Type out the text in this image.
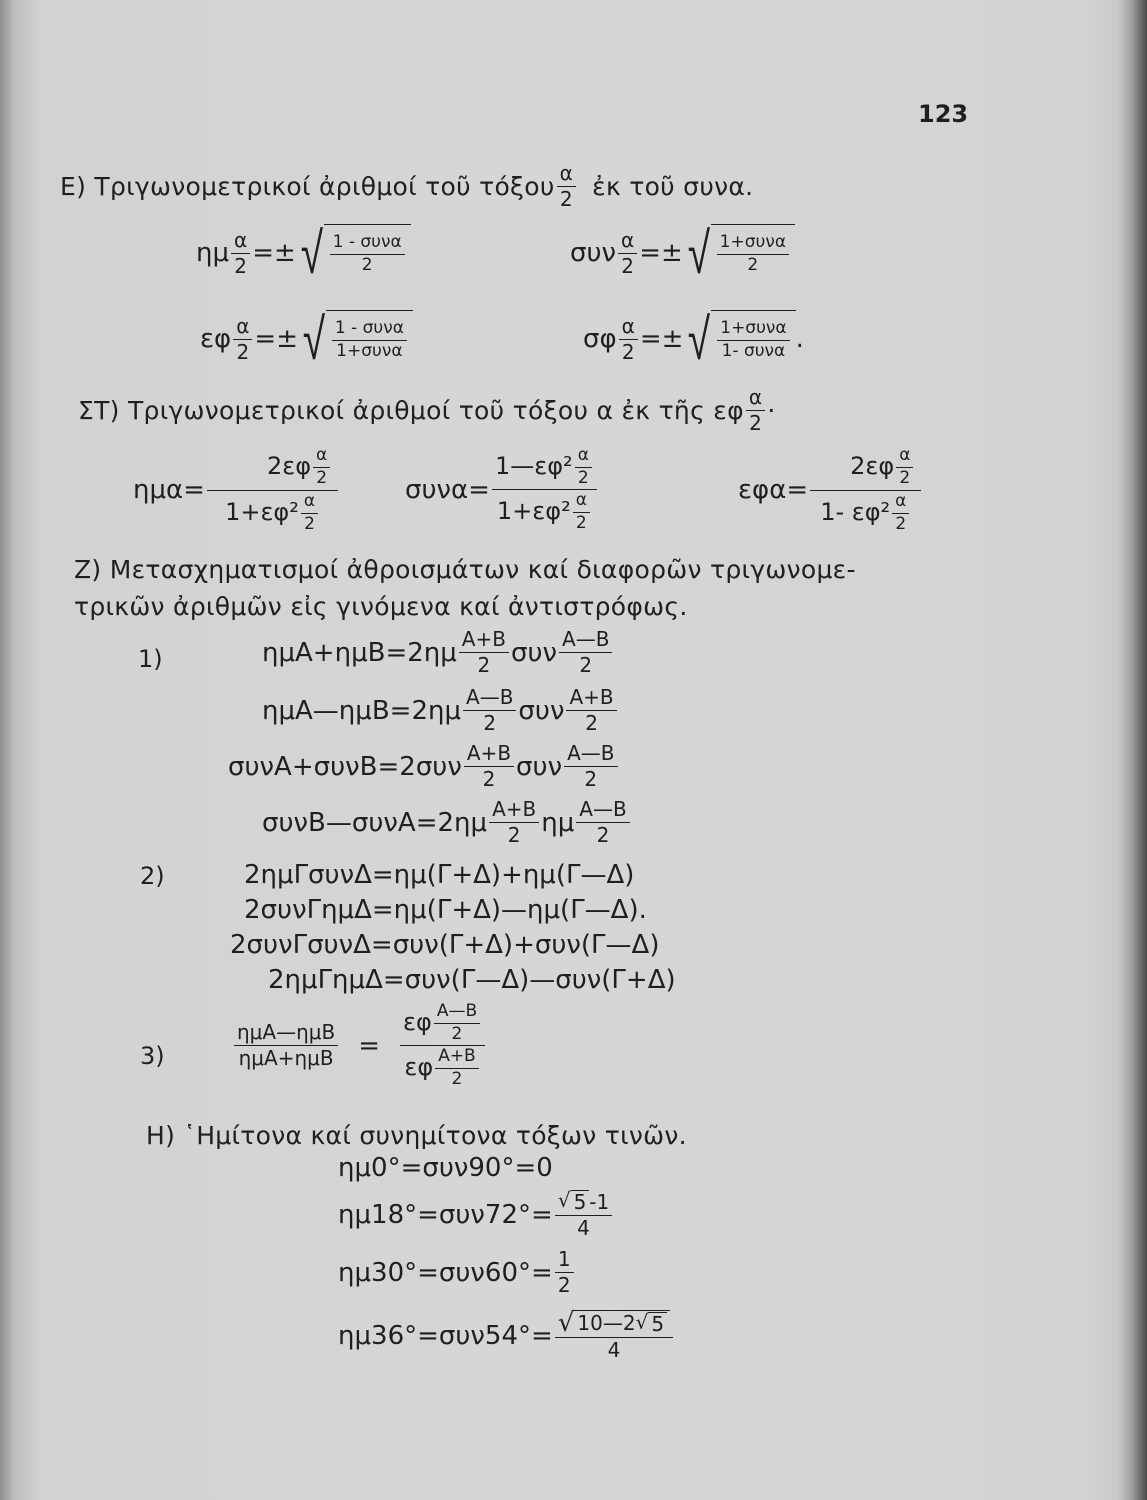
123
Ε) Τριγωνομετρικοί ἀριθμοί τοῦ τόξου $\frac{\alpha}{2}$ ἐκ τοῦ συνα.
ημ $\frac{\alpha}{2}$ =± √ $\frac{\text{1 - συνα}}{2}$	συν $\frac{\alpha}{2}$ =± √ $\frac{\text{1+συνα}}{2}$
εφ $\frac{\alpha}{2}$ =± √ $\frac{\text{1 - συνα}}{\text{1+συνα}}$	σφ $\frac{\alpha}{2}$ =± √ $\frac{\text{1+συνα}}{\text{1- συνα}}$ .
ΣΤ) Τριγωνομετρικοί ἀριθμοί τοῦ τόξου α ἐκ τῆς εφ $\frac{\alpha}{2}$ ·
$\eta\mu\alpha= \frac{2\varepsilon\varphi \frac{\alpha}{2}}{1+\varepsilon\varphi^2 \frac{\alpha}{2}}$	$\sigma\upsilon\nu\alpha= \frac{1—\varepsilon\varphi^2 \frac{\alpha}{2}}{1+\varepsilon\varphi^2 \frac{\alpha}{2}}$	$\varepsilon\varphi\alpha= \frac{2\varepsilon\varphi \frac{\alpha}{2}}{1- \varepsilon\varphi^2 \frac{\alpha}{2}}$
Ζ) Μετασχηματισμοί ἀθροισμάτων καί διαφορῶν τριγωνομε-
τρικῶν ἀριθμῶν εἰς γινόμενα καί ἀντιστρόφως.
1)	$\eta\mu A+\eta\mu B=2\eta\mu \frac{A+B}{2}$ συν $\frac{A—B}{2}$
ημA—ημB=2ημ $\frac{A—B}{2}$ συν $\frac{A+B}{2}$
$\sigma\upsilon\nu A+\sigma\upsilon\nu B=2\sigma\upsilon\nu \frac{A+B}{2}$ συν $\frac{A—B}{2}$
συνB—συνA=2ημ $\frac{A+B}{2}$ ημ $\frac{A—B}{2}$
2)	2ημΓσυνΔ=ημ(Γ+Δ)+ημ(Γ—Δ)
2συνΓημΔ=ημ(Γ+Δ)—ημ(Γ—Δ).
2συνΓσυνΔ=συν(Γ+Δ)+συν(Γ—Δ)
2ημΓημΔ=συν(Γ—Δ)—συν(Γ+Δ)
3)	$\frac{\text{ημA—ημB}}{\text{ημA+ημB}} = \frac{\varepsilon\varphi \frac{A—B}{2}}{\varepsilon\varphi \frac{A+B}{2}}$
Η) ῾Ημίτονα καί συνημίτονα τόξων τινῶν.
ημ0°=συν90°=0
$\eta\mu 18^\circ=\sigma\upsilon\nu 72^\circ= \frac{√ 5 -1}{4}$
$\eta\mu 30^\circ=\sigma\upsilon\nu 60^\circ= \frac{1}{2}$
$\eta\mu 36^\circ=\sigma\upsilon\nu 54^\circ= \frac{√ 10—2 √ 5}{4}$
